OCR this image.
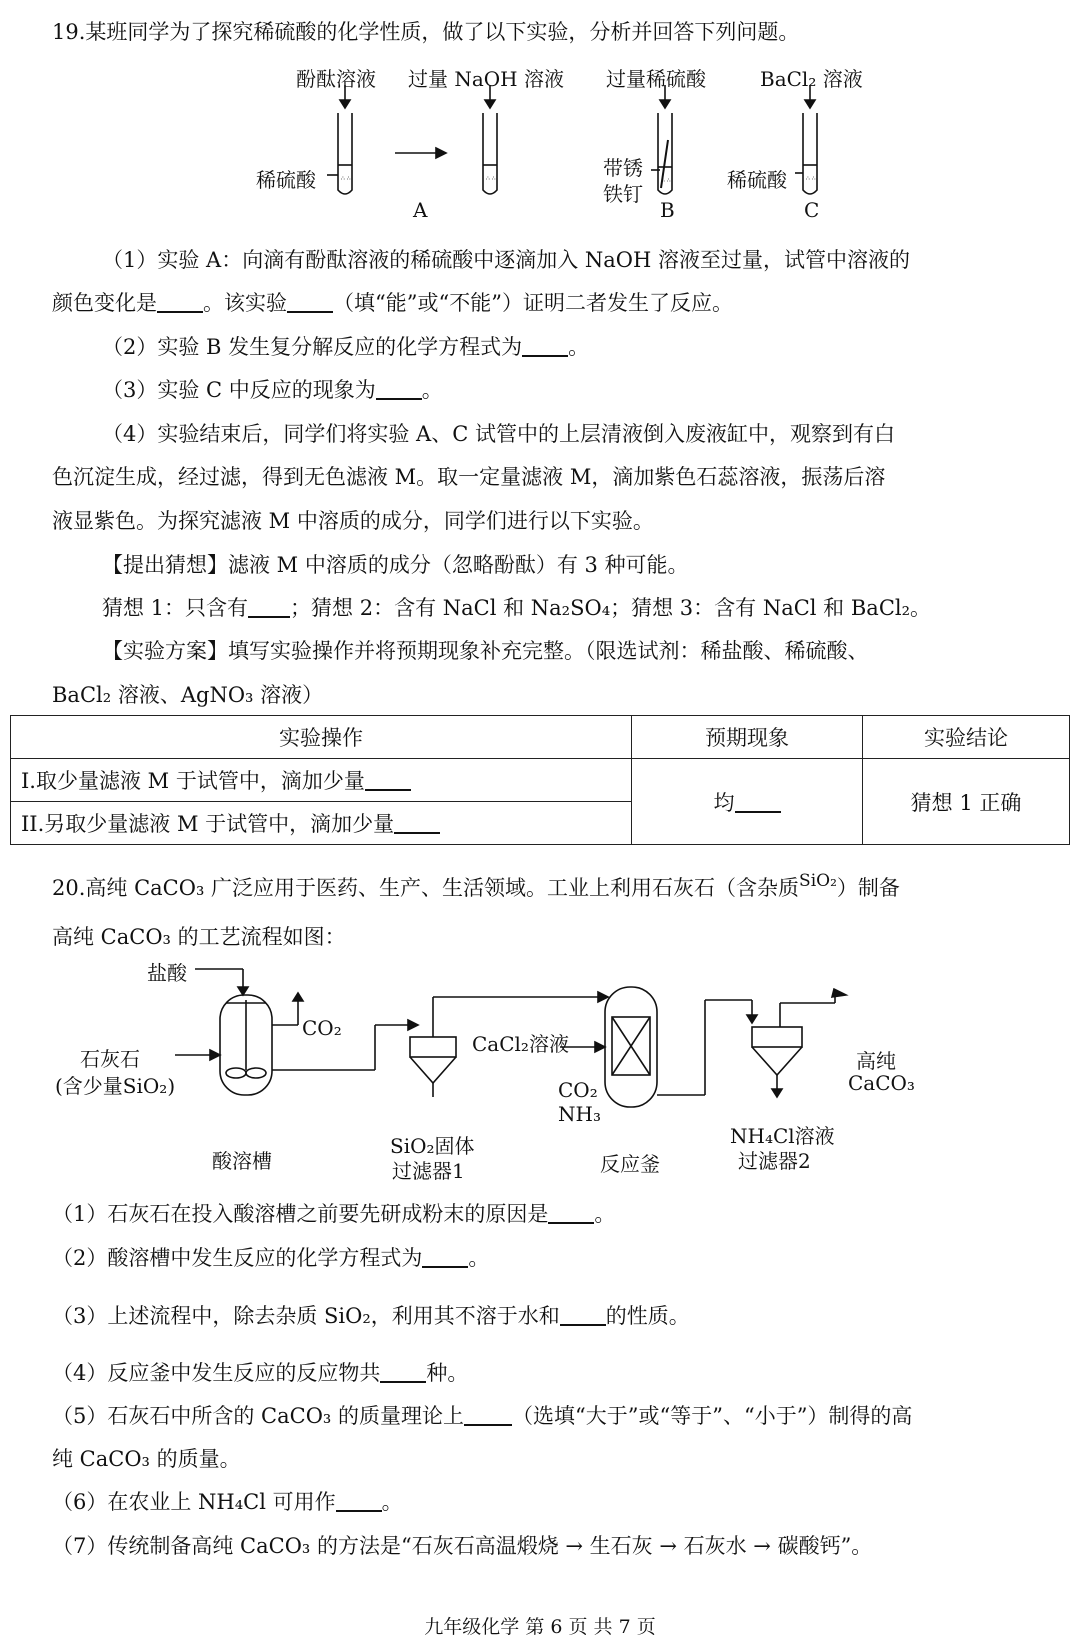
19.某班同学为了探究稀硫酸的化学性质，做了以下实验，分析并回答下列问题。
∴ ∴	∴ ∴	∴ ∴	∴ ∴
酚酞溶液 过量 NaOH 溶液 过量稀硫酸	BaCl₂ 溶液
稀硫酸	带锈
铁钉
稀硫酸
A	B	C
（1）实验 A：向滴有酚酞溶液的稀硫酸中逐滴加入 NaOH 溶液至过量，试管中溶液的
颜色变化是 。该实验 （填“能”或“不能”）证明二者发生了反应。
（2）实验 B 发生复分解反应的化学方程式为 。
（3）实验 C 中反应的现象为 。
（4）实验结束后，同学们将实验 A、C 试管中的上层清液倒入废液缸中，观察到有白
色沉淀生成，经过滤，得到无色滤液 M。取一定量滤液 M，滴加紫色石蕊溶液，振荡后溶
液显紫色。为探究滤液 M 中溶质的成分，同学们进行以下实验。
【提出猜想】滤液 M 中溶质的成分（忽略酚酞）有 3 种可能。
猜想 1：只含有 ；猜想 2：含有 NaCl 和 Na₂SO₄；猜想 3：含有 NaCl 和 BaCl₂。
【实验方案】填写实验操作并将预期现象补充完整。（限选试剂：稀盐酸、稀硫酸、
BaCl₂ 溶液、AgNO₃ 溶液）
实验操作	预期现象	实验结论
I.取少量滤液 M 于试管中，滴加少量	均	猜想 1 正确
II.另取少量滤液 M 于试管中，滴加少量		
20.高纯 CaCO₃ 广泛应用于医药、生产、生活领域。工业上利用石灰石（含杂质$^{SiO_2}$）制备
高纯 CaCO₃ 的工艺流程如图：
盐酸
CO₂
CaCl₂溶液
高纯
CaCO₃
石灰石
(含少量SiO₂)	CO₂
NH₃
SiO₂固体
过滤器1
NH₄Cl溶液
过滤器2
酸溶槽	反应釜
（1）石灰石在投入酸溶槽之前要先研成粉末的原因是 。
（2）酸溶槽中发生反应的化学方程式为 。
（3）上述流程中，除去杂质 SiO₂，利用其不溶于水和 的性质。
（4）反应釜中发生反应的反应物共 种。
（5）石灰石中所含的 CaCO₃ 的质量理论上 （选填“大于”或“等于”、“小于”）制得的高
纯 CaCO₃ 的质量。
（6）在农业上 NH₄Cl 可用作 。
（7）传统制备高纯 CaCO₃ 的方法是“石灰石高温煅烧 → 生石灰 → 石灰水 → 碳酸钙”。
九年级化学 第 6 页 共 7 页
